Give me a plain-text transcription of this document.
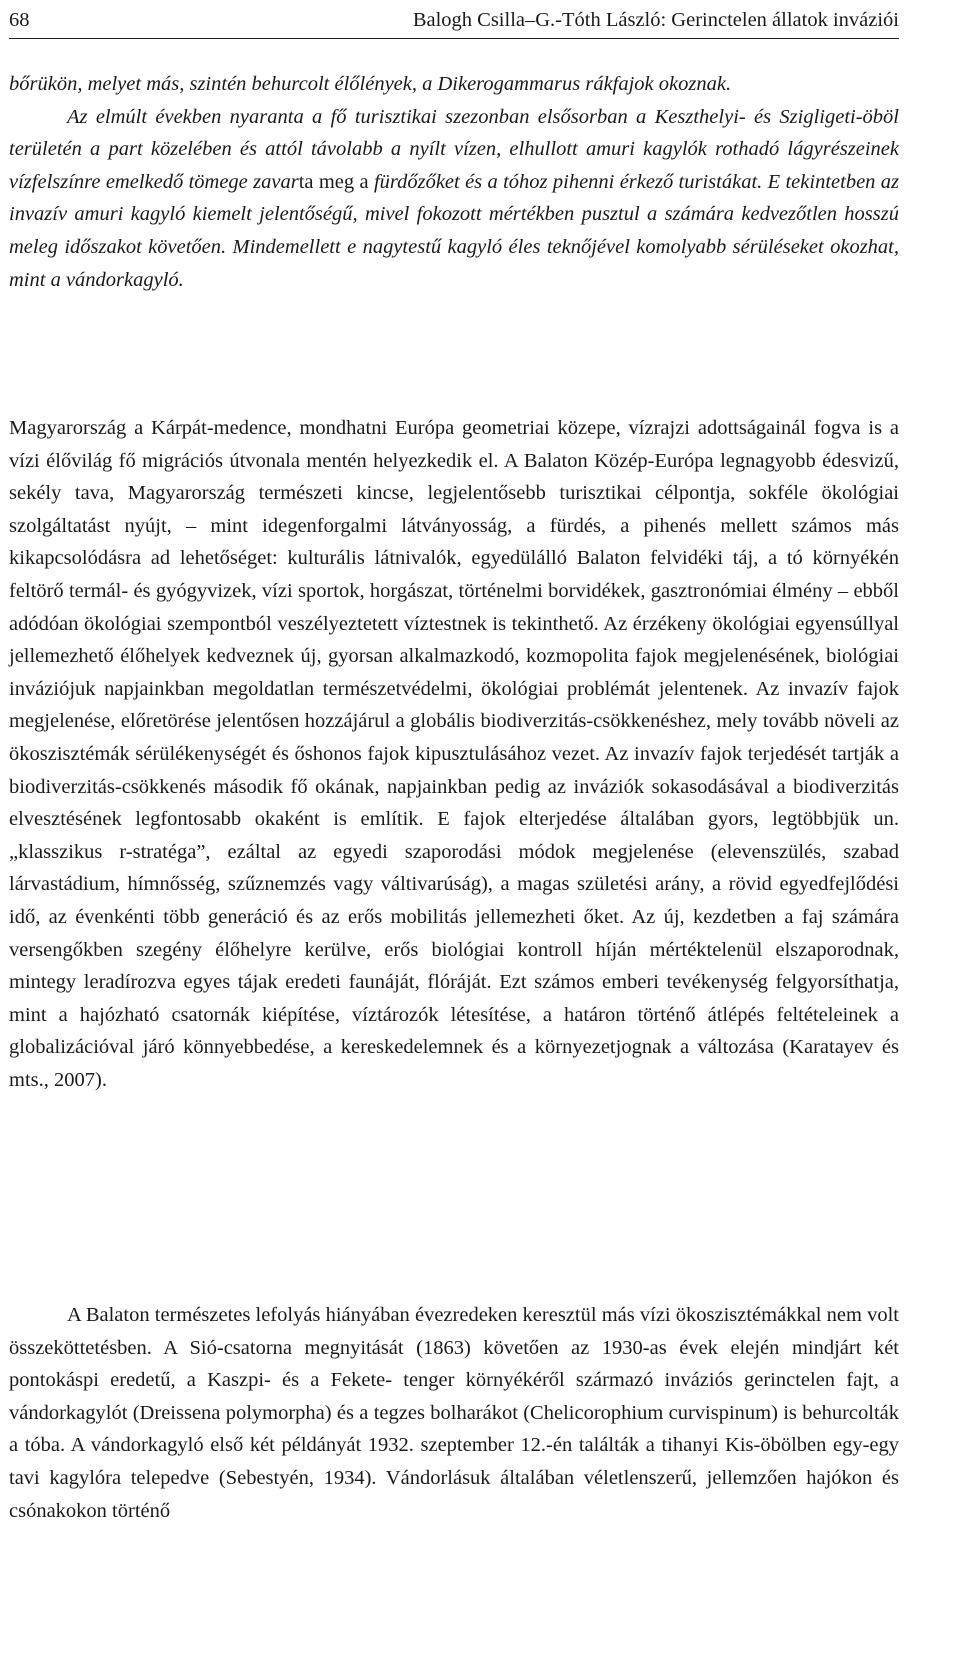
68	Balogh Csilla–G.-Tóth László: Gerinctelen állatok inváziói

bőrükön, melyet más, szintén behurcolt élőlények, a Dikerogammarus rákfajok okoznak.

Az elmúlt években nyaranta a fő turisztikai szezonban elsősorban a Keszthelyi- és Szigligeti-öböl területén a part közelében és attól távolabb a nyílt vízen, elhullott amuri kagylók rothadó lágyrészeinek vízfelszínre emelkedő tömege zavarta meg a fürdőzőket és a tóhoz pihenni érkező turistákat. E tekintetben az invazív amuri kagyló kiemelt jelentőségű, mivel fokozott mértékben pusztul a számára kedvezőtlen hosszú meleg időszakot követően. Mindemellett e nagytestű kagyló éles teknőjével komolyabb sérüléseket okozhat, mint a vándorkagyló.

Magyarország a Kárpát-medence, mondhatni Európa geometriai közepe, vízrajzi adottságainál fogva is a vízi élővilág fő migrációs útvonala mentén helyezkedik el. A Balaton Közép-Európa legnagyobb édesvizű, sekély tava, Magyarország természeti kincse, legjelentősebb turisztikai célpontja, sokféle ökológiai szolgáltatást nyújt, – mint idegenforgalmi látványosság, a fürdés, a pihenés mellett számos más kikapcsolódásra ad lehetőséget: kulturális látnivalók, egyedülálló Balaton felvidéki táj, a tó környékén feltörő termál- és gyógyvizek, vízi sportok, horgászat, történelmi borvidékek, gasztronómiai élmény – ebből adódóan ökológiai szempontból veszélyeztetett víztestnek is tekinthető. Az érzékeny ökológiai egyensúllyal jellemezhető élőhelyek kedveznek új, gyorsan alkalmazkodó, kozmopolita fajok megjelenésének, biológiai inváziójuk napjainkban megoldatlan természetvédelmi, ökológiai problémát jelentenek. Az invazív fajok megjelenése, előretörése jelentősen hozzájárul a globális biodiverzitás-csökkenéshez, mely tovább növeli az ökoszisztémák sérülékenységét és őshonos fajok kipusztulásához vezet. Az invazív fajok terjedését tartják a biodiverzitás-csökkenés második fő okának, napjainkban pedig az inváziók sokasodásával a biodiverzitás elvesztésének legfontosabb okaként is említik. E fajok elterjedése általában gyors, legtöbbjük un. „klasszikus r-stratéga”, ezáltal az egyedi szaporodási módok megjelenése (elevenszülés, szabad lárvastádium, hímnősség, szűznemzés vagy váltivarúság), a magas születési arány, a rövid egyedfejlődési idő, az évenkénti több generáció és az erős mobilitás jellemezheti őket. Az új, kezdetben a faj számára versengőkben szegény élőhelyre kerülve, erős biológiai kontroll híján mértéktelenül elszaporodnak, mintegy leradírozva egyes tájak eredeti faunáját, flóráját. Ezt számos emberi tevékenység felgyorsíthatja, mint a hajózható csatornák kiépítése, víztározók létesítése, a határon történő átlépés feltételeinek a globalizációval járó könnyebbedése, a kereskedelemnek és a környezetjognak a változása (Karatayev és mts., 2007).

A Balaton természetes lefolyás hiányában évezredeken keresztül más vízi ökoszisztémákkal nem volt összeköttetésben. A Sió-csatorna megnyitását (1863) követően az 1930-as évek elején mindjárt két pontokáspi eredetű, a Kaszpi- és a Fekete- tenger környékéről származó inváziós gerinctelen fajt, a vándorkagylót (Dreissena polymorpha) és a tegzes bolharákot (Chelicorophium curvispinum) is behurcolták a tóba. A vándorkagyló első két példányát 1932. szeptember 12.-én találták a tihanyi Kis-öbölben egy-egy tavi kagylóra telepedve (Sebestyén, 1934). Vándorlásuk általában véletlenszerű, jellemzően hajókon és csónakokon történő
